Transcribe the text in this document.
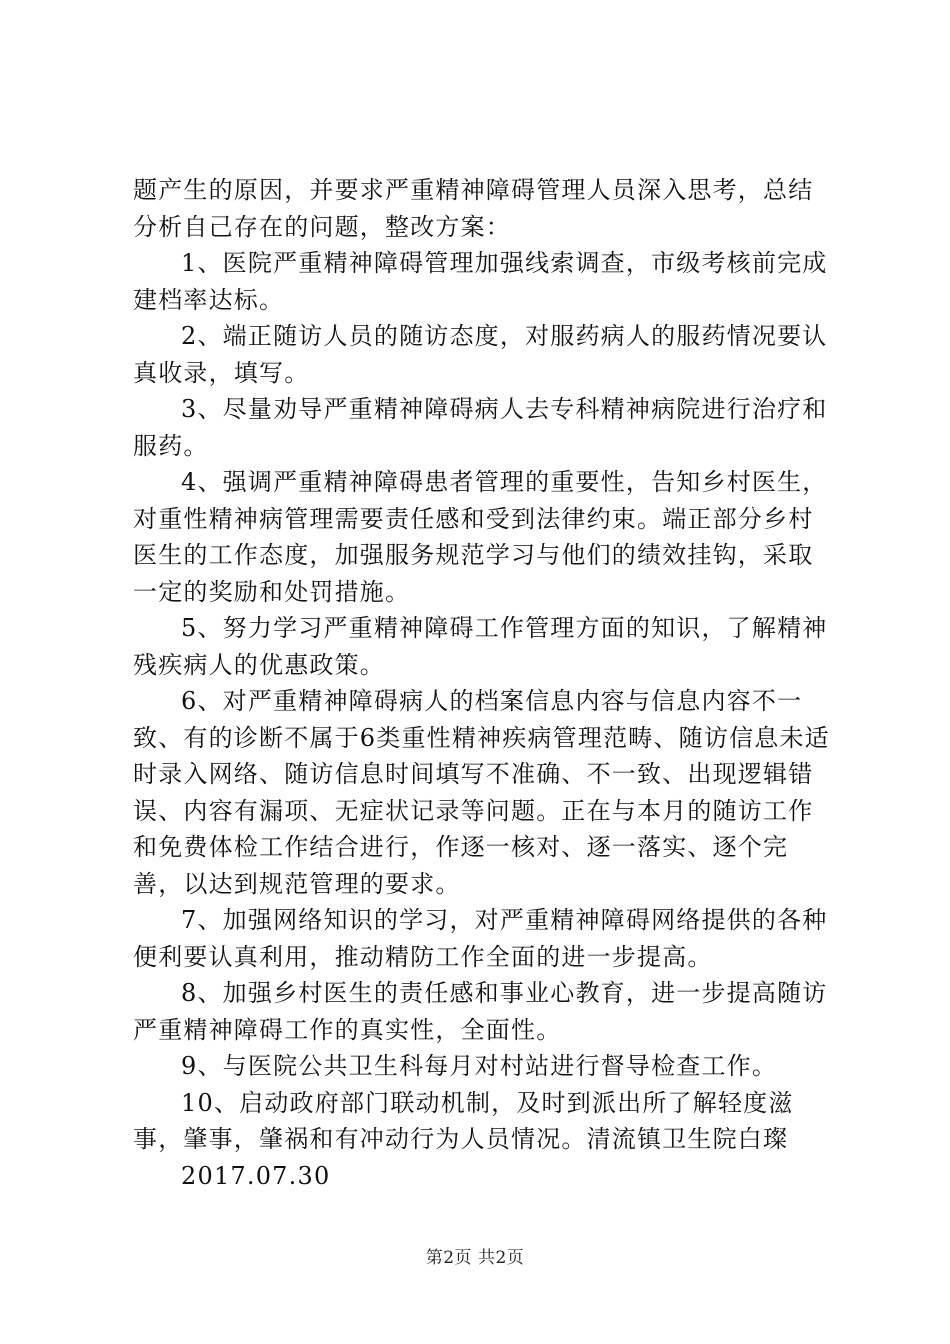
题产生的原因，并要求严重精神障碍管理人员深入思考，总结分析自己存在的问题，整改方案：

1、医院严重精神障碍管理加强线索调查，市级考核前完成建档率达标。

2、端正随访人员的随访态度，对服药病人的服药情况要认真收录，填写。

3、尽量劝导严重精神障碍病人去专科精神病院进行治疗和服药。

4、强调严重精神障碍患者管理的重要性，告知乡村医生，对重性精神病管理需要责任感和受到法律约束。端正部分乡村医生的工作态度，加强服务规范学习与他们的绩效挂钩，采取一定的奖励和处罚措施。

5、努力学习严重精神障碍工作管理方面的知识，了解精神残疾病人的优惠政策。

6、对严重精神障碍病人的档案信息内容与信息内容不一致、有的诊断不属于6类重性精神疾病管理范畴、随访信息未适时录入网络、随访信息时间填写不准确、不一致、出现逻辑错误、内容有漏项、无症状记录等问题。正在与本月的随访工作和免费体检工作结合进行，作逐一核对、逐一落实、逐个完善，以达到规范管理的要求。

7、加强网络知识的学习，对严重精神障碍网络提供的各种便利要认真利用，推动精防工作全面的进一步提高。

8、加强乡村医生的责任感和事业心教育，进一步提高随访严重精神障碍工作的真实性，全面性。

9、与医院公共卫生科每月对村站进行督导检查工作。

10、启动政府部门联动机制，及时到派出所了解轻度滋事，肇事，肇祸和有冲动行为人员情况。清流镇卫生院白璨

2017.07.30

第2页 共2页
